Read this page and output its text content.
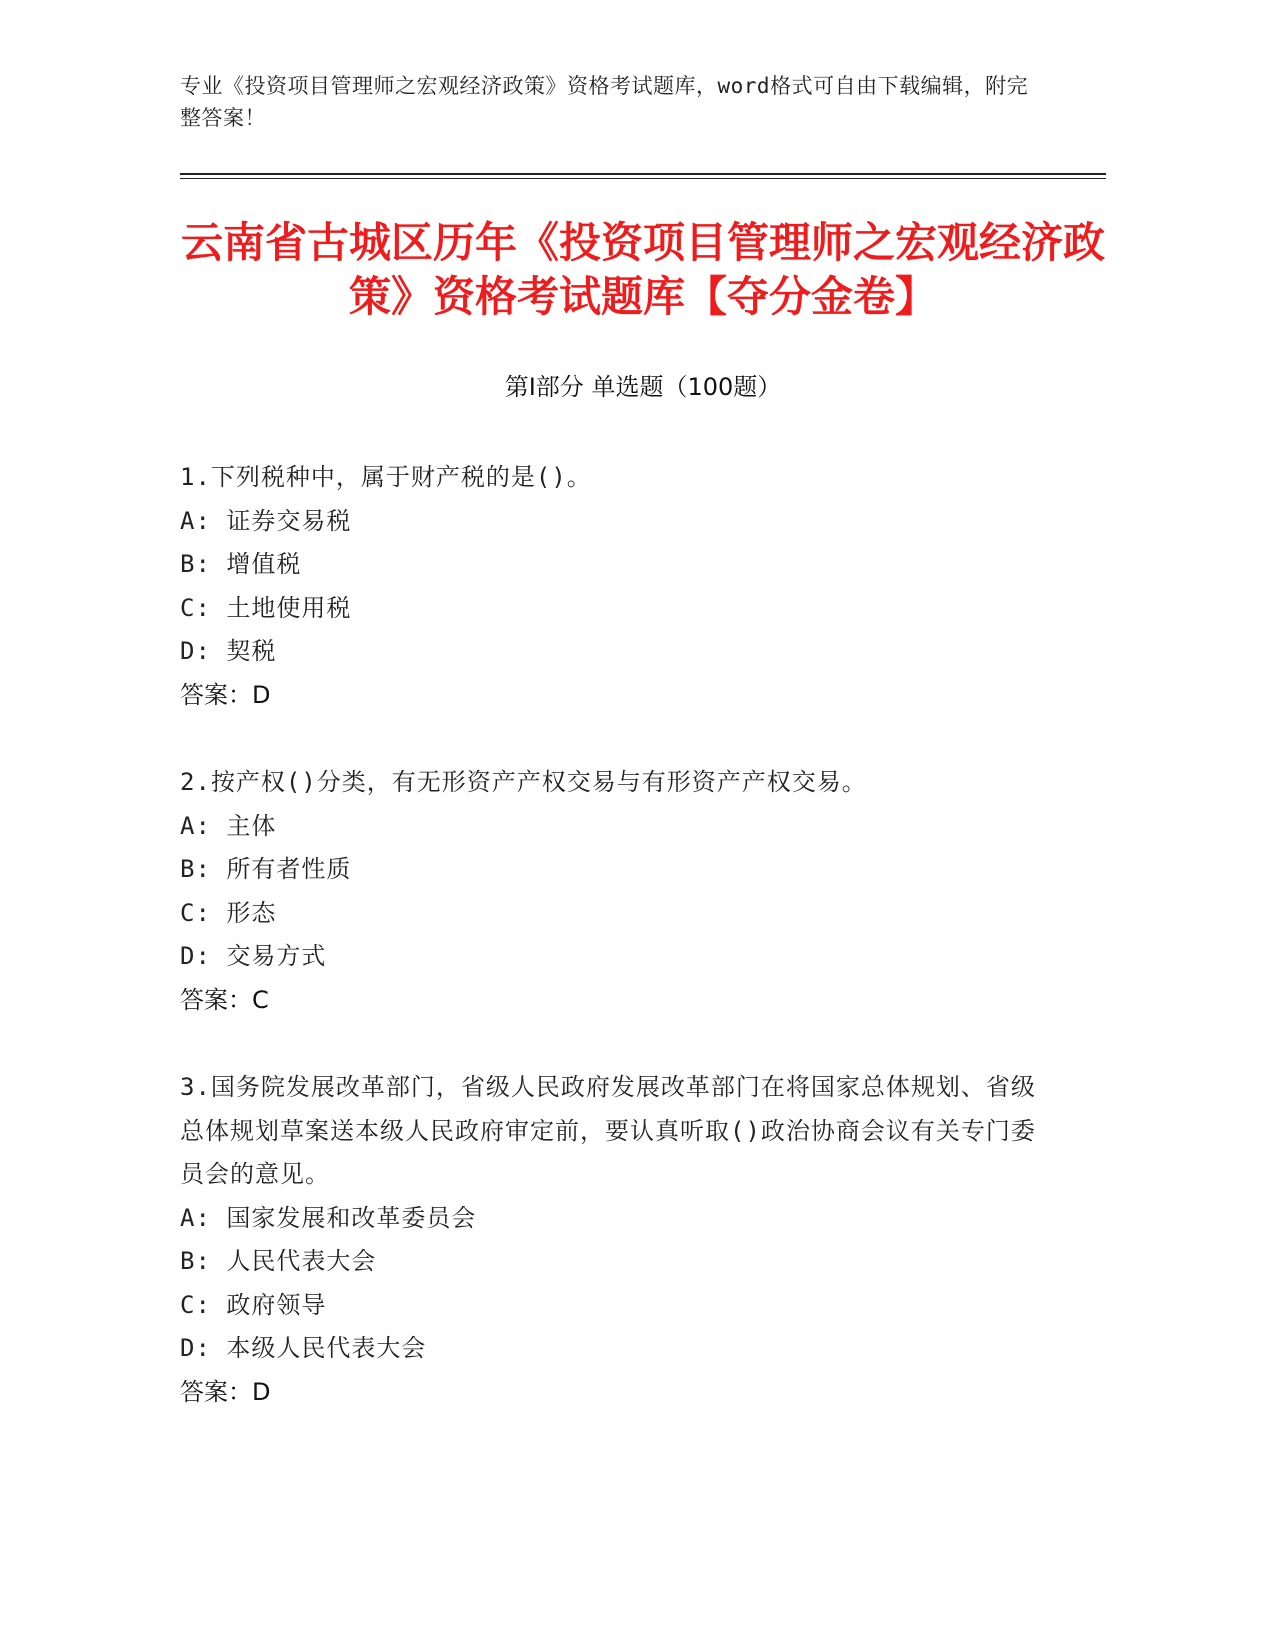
专业《投资项目管理师之宏观经济政策》资格考试题库，word格式可自由下载编辑，附完整答案！
云南省古城区历年《投资项目管理师之宏观经济政策》资格考试题库【夺分金卷】
第Ⅰ部分 单选题（100题）
1.下列税种中，属于财产税的是()。
A: 证券交易税
B: 增值税
C: 土地使用税
D: 契税
答案：D
2.按产权()分类，有无形资产产权交易与有形资产产权交易。
A: 主体
B: 所有者性质
C: 形态
D: 交易方式
答案：C
3.国务院发展改革部门，省级人民政府发展改革部门在将国家总体规划、省级总体规划草案送本级人民政府审定前，要认真听取()政治协商会议有关专门委员会的意见。
A: 国家发展和改革委员会
B: 人民代表大会
C: 政府领导
D: 本级人民代表大会
答案：D
